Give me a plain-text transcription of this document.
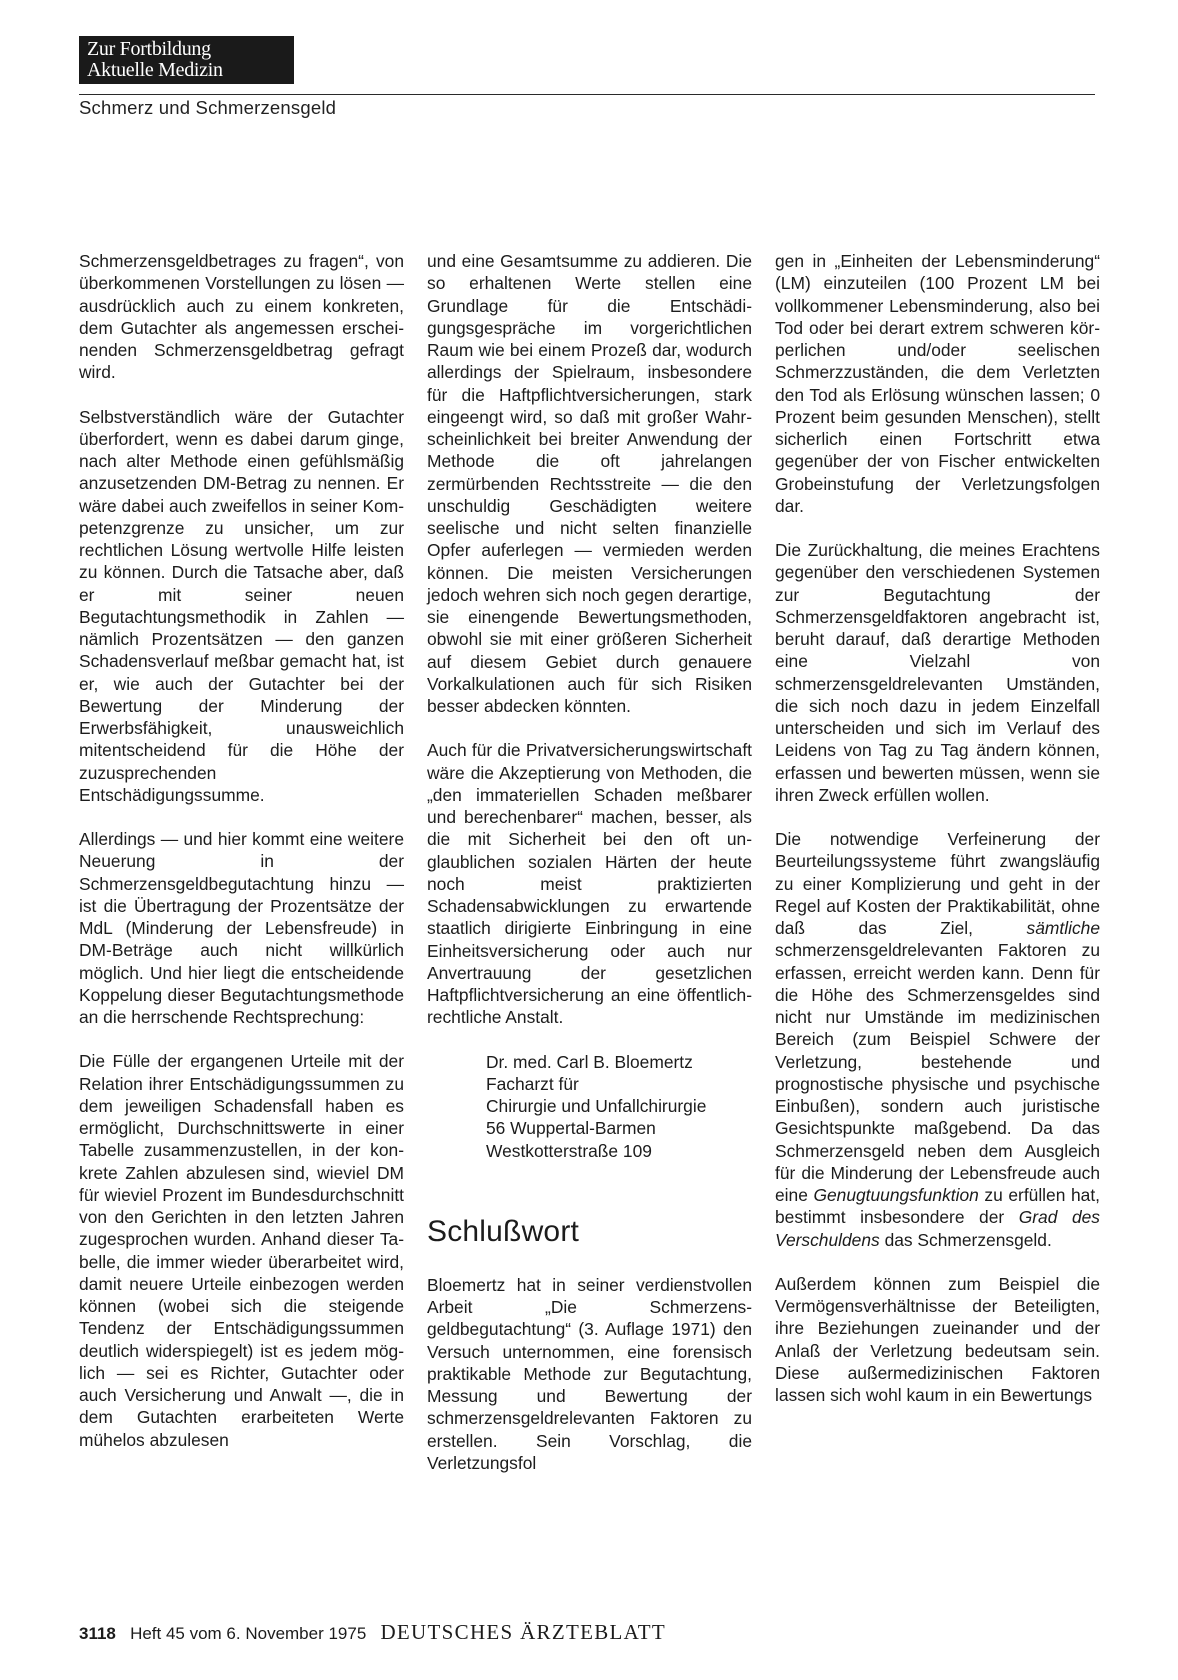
Zur Fortbildung
Aktuelle Medizin
Schmerz und Schmerzensgeld

Schmerzensgeldbetrages zu fragen“, von überkommenen Vorstellungen zu lösen — ausdrücklich auch zu einem konkreten, dem Gutachter als angemessen erscheinenden Schmerzensgeldbetrag gefragt wird.

Selbstverständlich wäre der Gutachter überfordert, wenn es dabei darum ginge, nach alter Methode einen gefühlsmäßig anzusetzenden DM-Betrag zu nennen. Er wäre dabei auch zweifellos in seiner Kompetenzgrenze zu unsicher, um zur rechtlichen Lösung wertvolle Hilfe leisten zu können. Durch die Tatsache aber, daß er mit seiner neuen Begutachtungsmethodik in Zahlen — nämlich Prozentsätzen — den ganzen Schadensverlauf meßbar gemacht hat, ist er, wie auch der Gutachter bei der Bewertung der Minderung der Erwerbsfähigkeit, unausweichlich mitentscheidend für die Höhe der zuzusprechenden Entschädigungssumme.

Allerdings — und hier kommt eine weitere Neuerung in der Schmerzensgeldbegutachtung hinzu — ist die Übertragung der Prozentsätze der MdL (Minderung der Lebensfreude) in DM-Beträge auch nicht willkürlich möglich. Und hier liegt die entscheidende Koppelung dieser Begutachtungsmethode an die herrschende Rechtsprechung:

Die Fülle der ergangenen Urteile mit der Relation ihrer Entschädigungssummen zu dem jeweiligen Schadensfall haben es ermöglicht, Durchschnittswerte in einer Tabelle zusammenzustellen, in der konkrete Zahlen abzulesen sind, wieviel DM für wieviel Prozent im Bundesdurchschnitt von den Gerichten in den letzten Jahren zugesprochen wurden. Anhand dieser Tabelle, die immer wieder überarbeitet wird, damit neuere Urteile einbezogen werden können (wobei sich die steigende Tendenz der Entschädigungssummen deutlich widerspiegelt) ist es jedem möglich — sei es Richter, Gutachter oder auch Versicherung und Anwalt —, die in dem Gutachten erarbeiteten Werte mühelos abzulesen

und eine Gesamtsumme zu addieren. Die so erhaltenen Werte stellen eine Grundlage für die Entschädigungsgespräche im vorgerichtlichen Raum wie bei einem Prozeß dar, wodurch allerdings der Spielraum, insbesondere für die Haftpflichtversicherungen, stark eingeengt wird, so daß mit großer Wahrscheinlichkeit bei breiter Anwendung der Methode die oft jahrelangen zermürbenden Rechtsstreite — die den unschuldig Geschädigten weitere seelische und nicht selten finanzielle Opfer auferlegen — vermieden werden können. Die meisten Versicherungen jedoch wehren sich noch gegen derartige, sie einengende Bewertungsmethoden, obwohl sie mit einer größeren Sicherheit auf diesem Gebiet durch genauere Vorkalkulationen auch für sich Risiken besser abdecken könnten.

Auch für die Privatversicherungswirtschaft wäre die Akzeptierung von Methoden, die „den immateriellen Schaden meßbarer und berechenbarer“ machen, besser, als die mit Sicherheit bei den oft unglaublichen sozialen Härten der heute noch meist praktizierten Schadensabwicklungen zu erwartende staatlich dirigierte Einbringung in eine Einheitsversicherung oder auch nur Anvertrauung der gesetzlichen Haftpflichtversicherung an eine öffentlich-rechtliche Anstalt.

Dr. med. Carl B. Bloemertz
Facharzt für
Chirurgie und Unfallchirurgie
56 Wuppertal-Barmen
Westkotterstraße 109

Schlußwort

Bloemertz hat in seiner verdienstvollen Arbeit „Die Schmerzensgeldbegutachtung“ (3. Auflage 1971) den Versuch unternommen, eine forensisch praktikable Methode zur Begutachtung, Messung und Bewertung der schmerzensgeldrelevanten Faktoren zu erstellen. Sein Vorschlag, die Verletzungsfol

gen in „Einheiten der Lebensminderung“ (LM) einzuteilen (100 Prozent LM bei vollkommener Lebensminderung, also bei Tod oder bei derart extrem schweren körperlichen und/oder seelischen Schmerzzuständen, die dem Verletzten den Tod als Erlösung wünschen lassen; 0 Prozent beim gesunden Menschen), stellt sicherlich einen Fortschritt etwa gegenüber der von Fischer entwickelten Grobeinstufung der Verletzungsfolgen dar.

Die Zurückhaltung, die meines Erachtens gegenüber den verschiedenen Systemen zur Begutachtung der Schmerzensgeldfaktoren angebracht ist, beruht darauf, daß derartige Methoden eine Vielzahl von schmerzensgeldrelevanten Umständen, die sich noch dazu in jedem Einzelfall unterscheiden und sich im Verlauf des Leidens von Tag zu Tag ändern können, erfassen und bewerten müssen, wenn sie ihren Zweck erfüllen wollen.

Die notwendige Verfeinerung der Beurteilungssysteme führt zwangsläufig zu einer Komplizierung und geht in der Regel auf Kosten der Praktikabilität, ohne daß das Ziel, sämtliche schmerzensgeldrelevanten Faktoren zu erfassen, erreicht werden kann. Denn für die Höhe des Schmerzensgeldes sind nicht nur Umstände im medizinischen Bereich (zum Beispiel Schwere der Verletzung, bestehende und prognostische physische und psychische Einbußen), sondern auch juristische Gesichtspunkte maßgebend. Da das Schmerzensgeld neben dem Ausgleich für die Minderung der Lebensfreude auch eine Genugtuungsfunktion zu erfüllen hat, bestimmt insbesondere der Grad des Verschuldens das Schmerzensgeld.

Außerdem können zum Beispiel die Vermögensverhältnisse der Beteiligten, ihre Beziehungen zueinander und der Anlaß der Verletzung bedeutsam sein. Diese außermedizinischen Faktoren lassen sich wohl kaum in ein Bewertungs

3118 Heft 45 vom 6. November 1975 DEUTSCHES ÄRZTEBLATT
